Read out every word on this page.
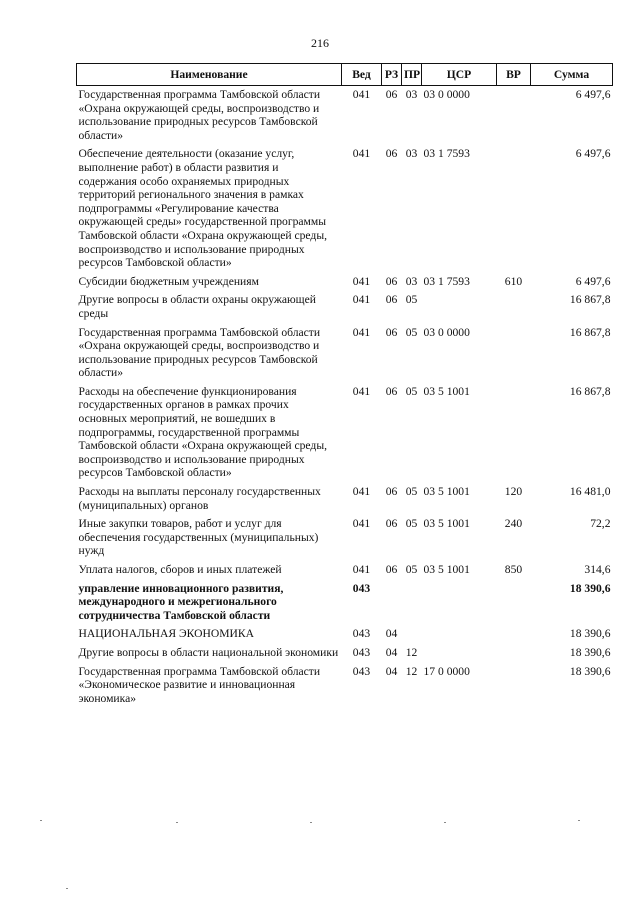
216
Наименование	Вед	РЗ	ПР	ЦСР	ВР	Сумма
Государственная программа Тамбовской области «Охрана окружающей среды, воспроизводство и использование природных ресурсов Тамбовской области»	041	06	03	03 0 0000		6 497,6
Обеспечение деятельности (оказание услуг, выполнение работ) в области развития и содержания особо охраняемых природных территорий регионального значения в рамках подпрограммы «Регулирование качества окружающей среды» государственной программы Тамбовской области «Охрана окружающей среды, воспроизводство и использование природных ресурсов Тамбовской области»	041	06	03	03 1 7593		6 497,6
Субсидии бюджетным учреждениям	041	06	03	03 1 7593	610	6 497,6
Другие вопросы в области охраны окружающей среды	041	06	05			16 867,8
Государственная программа Тамбовской области «Охрана окружающей среды, воспроизводство и использование природных ресурсов Тамбовской области»	041	06	05	03 0 0000		16 867,8
Расходы на обеспечение функционирования государственных органов в рамках прочих основных мероприятий, не вошедших в подпрограммы, государственной программы Тамбовской области «Охрана окружающей среды, воспроизводство и использование природных ресурсов Тамбовской области»	041	06	05	03 5 1001		16 867,8
Расходы на выплаты персоналу государственных (муниципальных) органов	041	06	05	03 5 1001	120	16 481,0
Иные закупки товаров, работ и услуг для обеспечения государственных (муниципальных) нужд	041	06	05	03 5 1001	240	72,2
Уплата налогов, сборов и иных платежей	041	06	05	03 5 1001	850	314,6
управление инновационного развития, международного и межрегионального сотрудничества Тамбовской области	043					18 390,6
НАЦИОНАЛЬНАЯ ЭКОНОМИКА	043	04				18 390,6
Другие вопросы в области национальной экономики	043	04	12			18 390,6
Государственная программа Тамбовской области «Экономическое развитие и инновационная экономика»	043	04	12	17 0 0000		18 390,6
